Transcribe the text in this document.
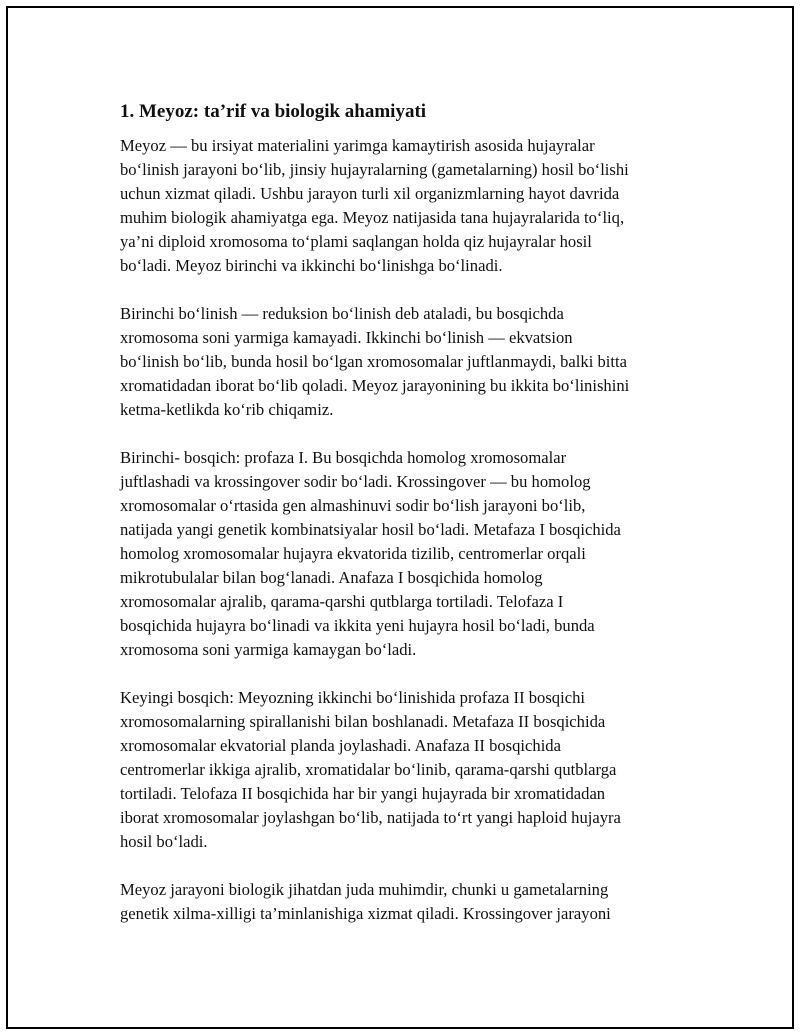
1. Meyoz: ta’rif va biologik ahamiyati

Meyoz — bu irsiyat materialini yarimga kamaytirish asosida hujayralar
bo‘linish jarayoni bo‘lib, jinsiy hujayralarning (gametalarning) hosil bo‘lishi
uchun xizmat qiladi. Ushbu jarayon turli xil organizmlarning hayot davrida
muhim biologik ahamiyatga ega. Meyoz natijasida tana hujayralarida to‘liq,
ya’ni diploid xromosoma to‘plami saqlangan holda qiz hujayralar hosil
bo‘ladi. Meyoz birinchi va ikkinchi bo‘linishga bo‘linadi.

Birinchi bo‘linish — reduksion bo‘linish deb ataladi, bu bosqichda
xromosoma soni yarmiga kamayadi. Ikkinchi bo‘linish — ekvatsion
bo‘linish bo‘lib, bunda hosil bo‘lgan xromosomalar juftlanmaydi, balki bitta
xromatidadan iborat bo‘lib qoladi. Meyoz jarayonining bu ikkita bo‘linishini
ketma-ketlikda ko‘rib chiqamiz.

Birinchi- bosqich: profaza I. Bu bosqichda homolog xromosomalar
juftlashadi va krossingover sodir bo‘ladi. Krossingover — bu homolog
xromosomalar o‘rtasida gen almashinuvi sodir bo‘lish jarayoni bo‘lib,
natijada yangi genetik kombinatsiyalar hosil bo‘ladi. Metafaza I bosqichida
homolog xromosomalar hujayra ekvatorida tizilib, centromerlar orqali
mikrotubulalar bilan bog‘lanadi. Anafaza I bosqichida homolog
xromosomalar ajralib, qarama-qarshi qutblarga tortiladi. Telofaza I
bosqichida hujayra bo‘linadi va ikkita yeni hujayra hosil bo‘ladi, bunda
xromosoma soni yarmiga kamaygan bo‘ladi.

Keyingi bosqich: Meyozning ikkinchi bo‘linishida profaza II bosqichi
xromosomalarning spirallanishi bilan boshlanadi. Metafaza II bosqichida
xromosomalar ekvatorial planda joylashadi. Anafaza II bosqichida
centromerlar ikkiga ajralib, xromatidalar bo‘linib, qarama-qarshi qutblarga
tortiladi. Telofaza II bosqichida har bir yangi hujayrada bir xromatidadan
iborat xromosomalar joylashgan bo‘lib, natijada to‘rt yangi haploid hujayra
hosil bo‘ladi.

Meyoz jarayoni biologik jihatdan juda muhimdir, chunki u gametalarning
genetik xilma-xilligi ta’minlanishiga xizmat qiladi. Krossingover jarayoni
